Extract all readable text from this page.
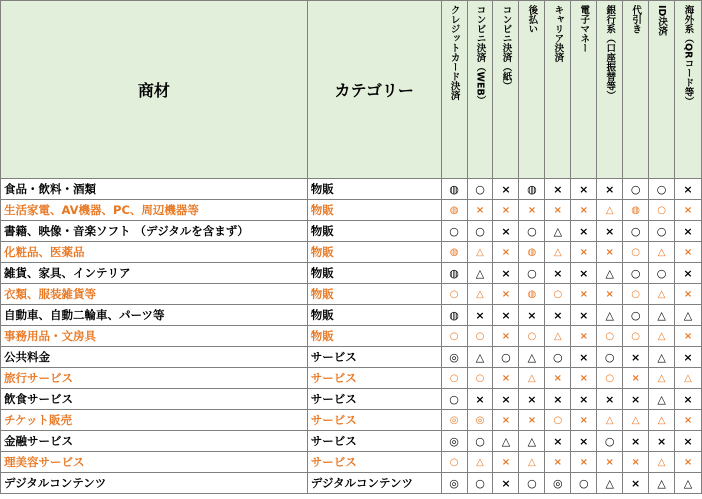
商材	カテゴリー	クレジットカード決済	コンビニ決済（WEB）	コンビニ決済（紙）	後払い	キャリア決済	電子マネー	銀行系（口座振替等）	代引き	ID決済	海外系（QRコード等）

食品・飲料・酒類	物販	◍	○	×	◍	×	×	×	○	○	×
生活家電、AV機器、PC、周辺機器等	物販	◍	×	×	×	×	×	△	◍	○	×
書籍、映像・音楽ソフト （デジタルを含まず）	物販	○	○	×	○	△	×	×	○	○	×
化粧品、医薬品	物販	◍	△	×	◍	△	×	×	○	△	×
雑貨、家具、インテリア	物販	◍	△	×	○	×	×	△	○	○	×
衣類、服装雑貨等	物販	○	△	×	◍	○	×	×	○	△	×
自動車、自動二輪車、パーツ等	物販	◍	×	×	×	×	×	△	○	△	△
事務用品・文房具	物販	○	○	×	○	△	×	○	○	△	×
公共料金	サービス	◎	△	○	△	○	×	○	×	△	×
旅行サービス	サービス	○	○	×	△	×	×	○	×	△	△
飲食サービス	サービス	○	×	×	×	×	×	×	×	△	×
チケット販売	サービス	◎	◎	×	×	○	×	△	△	△	×
金融サービス	サービス	◎	○	△	△	×	×	○	×	×	×
理美容サービス	サービス	○	△	×	△	×	×	×	×	△	×
デジタルコンテンツ	デジタルコンテンツ	◎	○	×	○	◎	○	△	×	△	△
